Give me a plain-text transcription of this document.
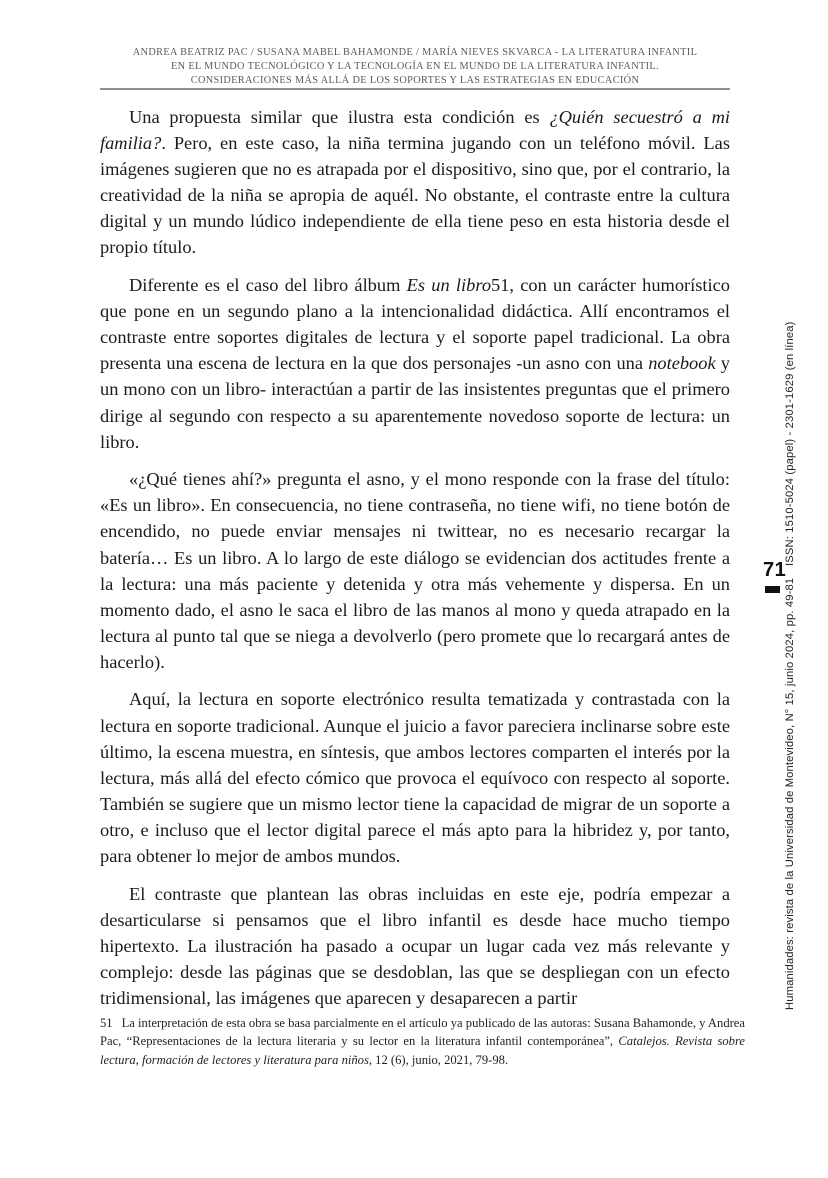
ANDREA BEATRIZ PAC / SUSANA MABEL BAHAMONDE / MARÍA NIEVES SKVARCA - LA LITERATURA INFANTIL
EN EL MUNDO TECNOLÓGICO Y LA TECNOLOGÍA EN EL MUNDO DE LA LITERATURA INFANTIL.
CONSIDERACIONES MÁS ALLÁ DE LOS SOPORTES Y LAS ESTRATEGIAS EN EDUCACIÓN

Una propuesta similar que ilustra esta condición es ¿Quién secuestró a mi familia?. Pero, en este caso, la niña termina jugando con un teléfono móvil. Las imágenes sugieren que no es atrapada por el dispositivo, sino que, por el contrario, la creatividad de la niña se apropia de aquél. No obstante, el contraste entre la cultura digital y un mundo lúdico independiente de ella tiene peso en esta historia desde el propio título.

Diferente es el caso del libro álbum Es un libro51, con un carácter humorístico que pone en un segundo plano a la intencionalidad didáctica. Allí encontramos el contraste entre soportes digitales de lectura y el soporte papel tradicional. La obra presenta una escena de lectura en la que dos personajes -un asno con una notebook y un mono con un libro- interactúan a partir de las insistentes preguntas que el primero dirige al segundo con respecto a su aparentemente novedoso soporte de lectura: un libro.

«¿Qué tienes ahí?» pregunta el asno, y el mono responde con la frase del título: «Es un libro». En consecuencia, no tiene contraseña, no tiene wifi, no tiene botón de encendido, no puede enviar mensajes ni twittear, no es necesario recargar la batería… Es un libro. A lo largo de este diálogo se evidencian dos actitudes frente a la lectura: una más paciente y detenida y otra más vehemente y dispersa. En un momento dado, el asno le saca el libro de las manos al mono y queda atrapado en la lectura al punto tal que se niega a devolverlo (pero promete que lo recargará antes de hacerlo).

Aquí, la lectura en soporte electrónico resulta tematizada y contrastada con la lectura en soporte tradicional. Aunque el juicio a favor pareciera inclinarse sobre este último, la escena muestra, en síntesis, que ambos lectores comparten el interés por la lectura, más allá del efecto cómico que provoca el equívoco con respecto al soporte. También se sugiere que un mismo lector tiene la capacidad de migrar de un soporte a otro, e incluso que el lector digital parece el más apto para la hibridez y, por tanto, para obtener lo mejor de ambos mundos.

El contraste que plantean las obras incluidas en este eje, podría empezar a desarticularse si pensamos que el libro infantil es desde hace mucho tiempo hipertexto. La ilustración ha pasado a ocupar un lugar cada vez más relevante y complejo: desde las páginas que se desdoblan, las que se despliegan con un efecto tridimensional, las imágenes que aparecen y desaparecen a partir

51 La interpretación de esta obra se basa parcialmente en el artículo ya publicado de las autoras: Susana Bahamonde, y Andrea Pac, “Representaciones de la lectura literaria y su lector en la literatura infantil contemporánea”, Catalejos. Revista sobre lectura, formación de lectores y literatura para niños, 12 (6), junio, 2021, 79-98.
ISSN: 1510-5024 (papel) - 2301-1629 (en línea)
Humanidades: revista de la Universidad de Montevideo, N° 15, junio 2024, pp. 49-81
71
